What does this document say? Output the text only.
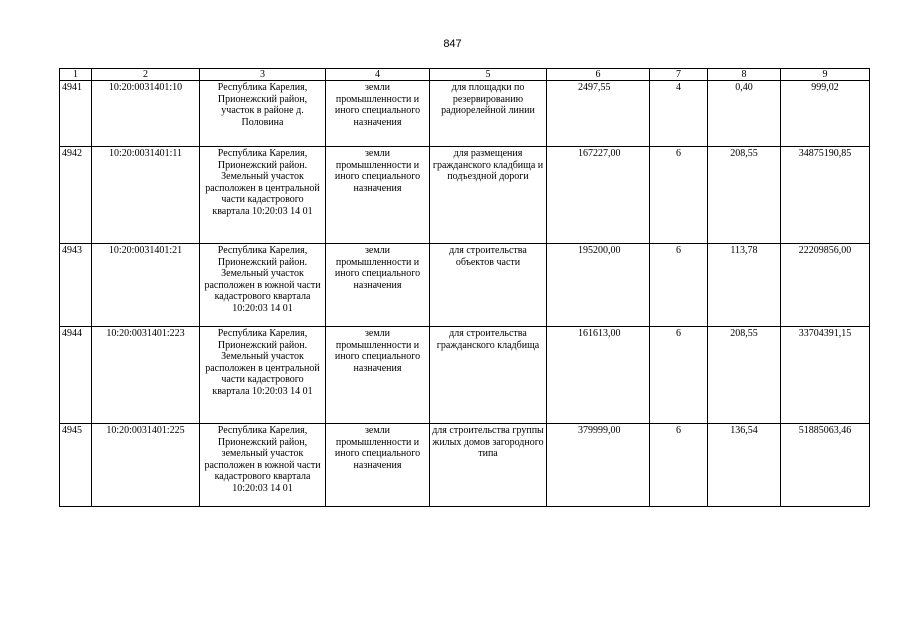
847
1	2	3	4	5	6	7	8	9
4941	10:20:0031401:10	Республика Карелия, Прионежский район, участок в районе д. Половина	земли промышленности и иного специального назначения	для площадки по резервированию радиорелейной линии	2497,55	4	0,40	999,02
4942	10:20:0031401:11	Республика Карелия, Прионежский район. Земельный участок расположен в центральной части кадастрового квартала 10:20:03 14 01	земли промышленности и иного специального назначения	для размещения гражданского кладбища и подъездной дороги	167227,00	6	208,55	34875190,85
4943	10:20:0031401:21	Республика Карелия, Прионежский район. Земельный участок расположен в южной части кадастрового квартала 10:20:03 14 01	земли промышленности и иного специального назначения	для строительства объектов части	195200,00	6	113,78	22209856,00
4944	10:20:0031401:223	Республика Карелия, Прионежский район. Земельный участок расположен в центральной части кадастрового квартала 10:20:03 14 01	земли промышленности и иного специального назначения	для строительства гражданского кладбища	161613,00	6	208,55	33704391,15
4945	10:20:0031401:225	Республика Карелия, Прионежский район, земельный участок расположен в южной части кадастрового квартала 10:20:03 14 01	земли промышленности и иного специального назначения	для строительства группы жилых домов загородного типа	379999,00	6	136,54	51885063,46
